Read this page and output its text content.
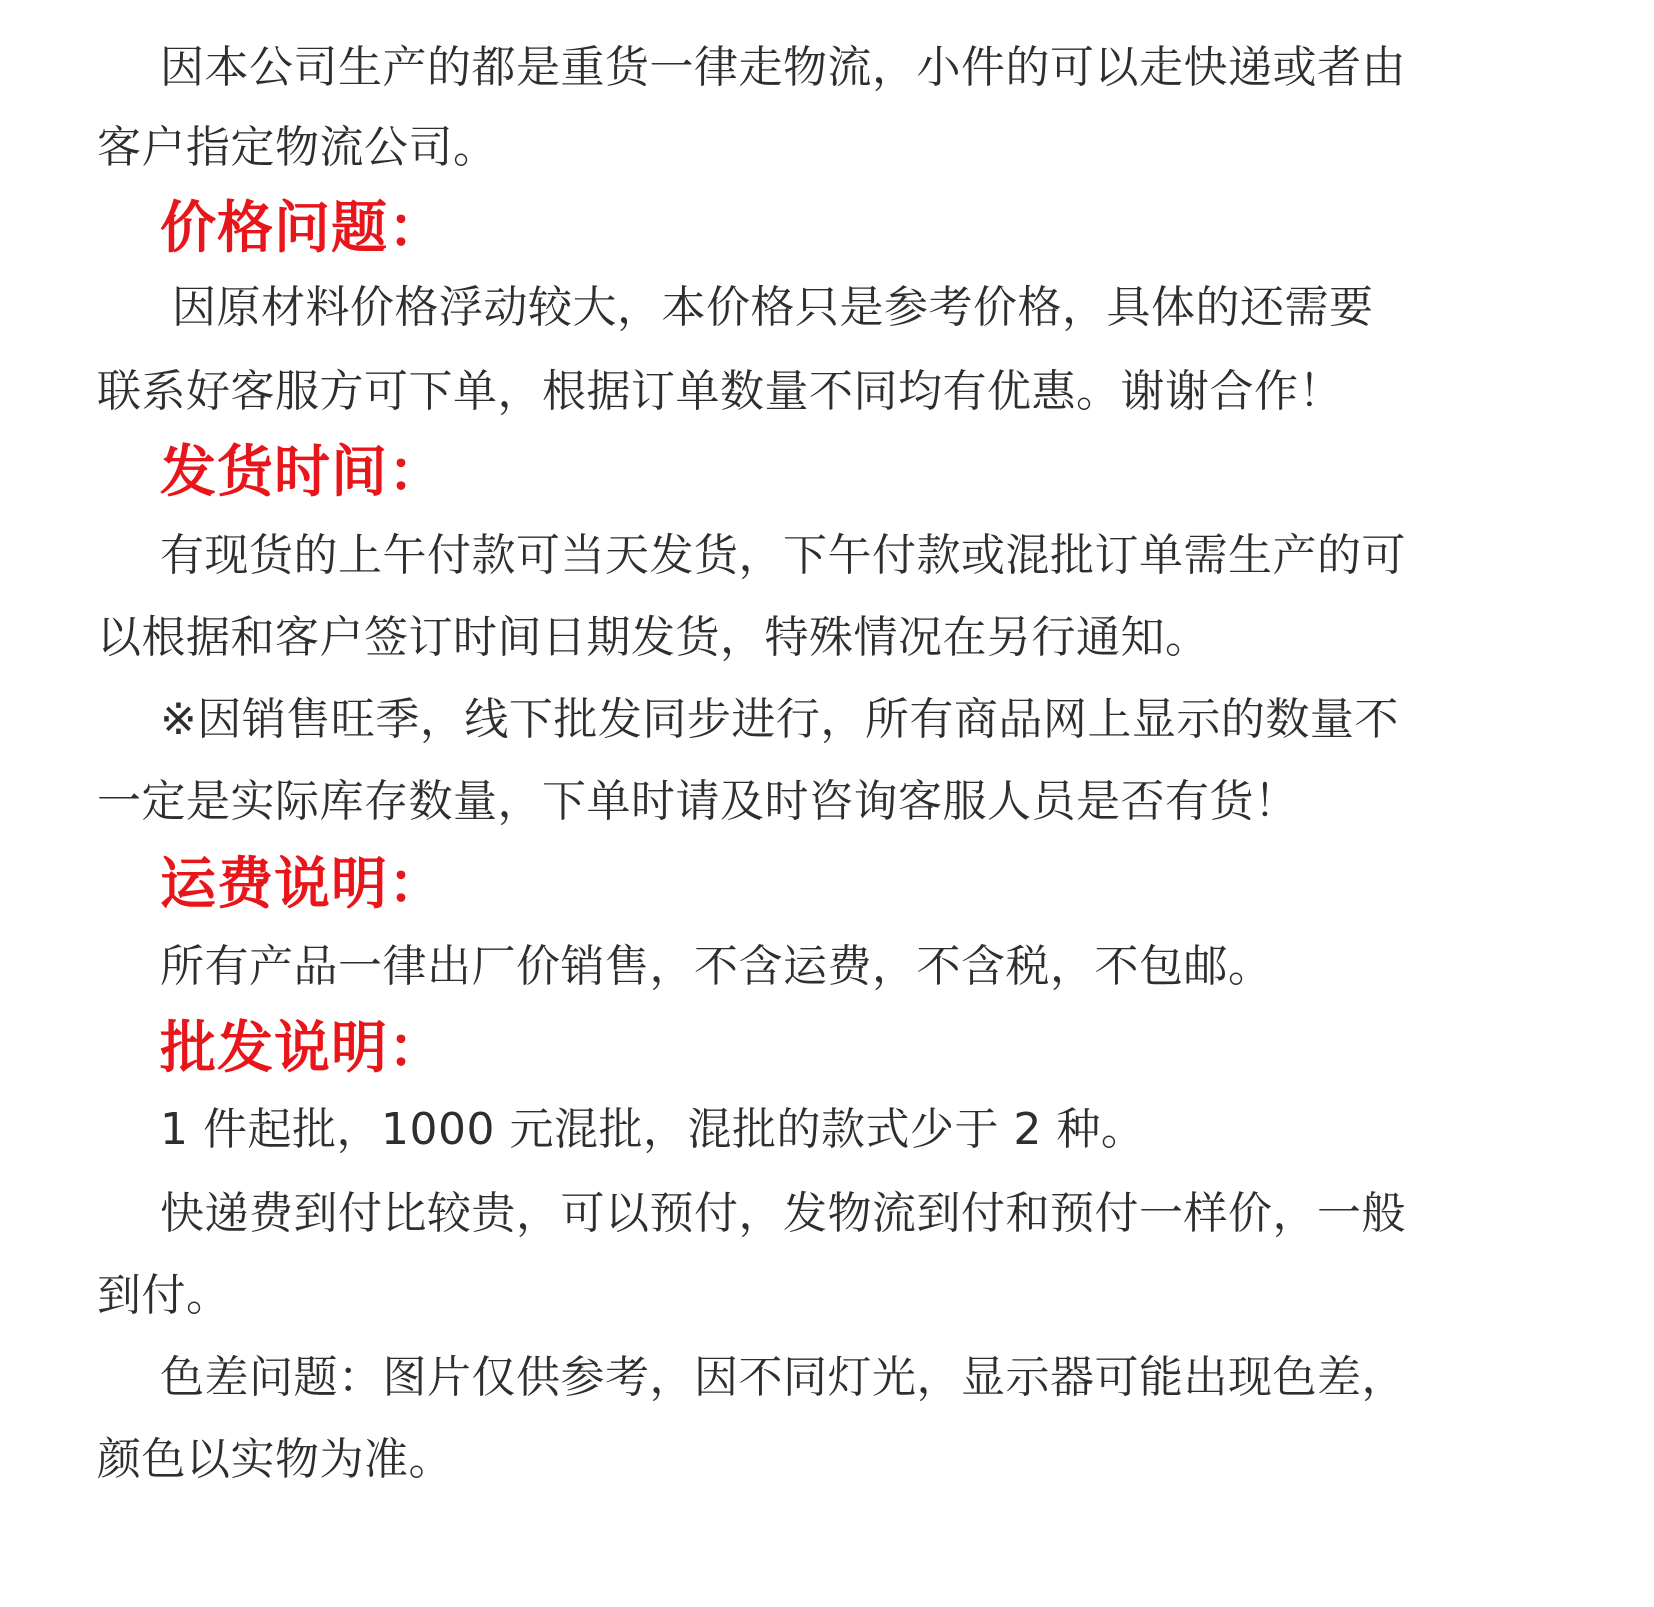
因本公司生产的都是重货一律走物流，小件的可以走快递或者由
客户指定物流公司。
价格问题：
因原材料价格浮动较大，本价格只是参考价格，具体的还需要
联系好客服方可下单，根据订单数量不同均有优惠。谢谢合作！
发货时间：
有现货的上午付款可当天发货，下午付款或混批订单需生产的可
以根据和客户签订时间日期发货，特殊情况在另行通知。
※因销售旺季，线下批发同步进行，所有商品网上显示的数量不
一定是实际库存数量，下单时请及时咨询客服人员是否有货！
运费说明：
所有产品一律出厂价销售，不含运费，不含税，不包邮。
批发说明：
1 件起批，1000 元混批，混批的款式少于 2 种。
快递费到付比较贵，可以预付，发物流到付和预付一样价，一般
到付。
色差问题：图片仅供参考，因不同灯光，显示器可能出现色差，
颜色以实物为准。
